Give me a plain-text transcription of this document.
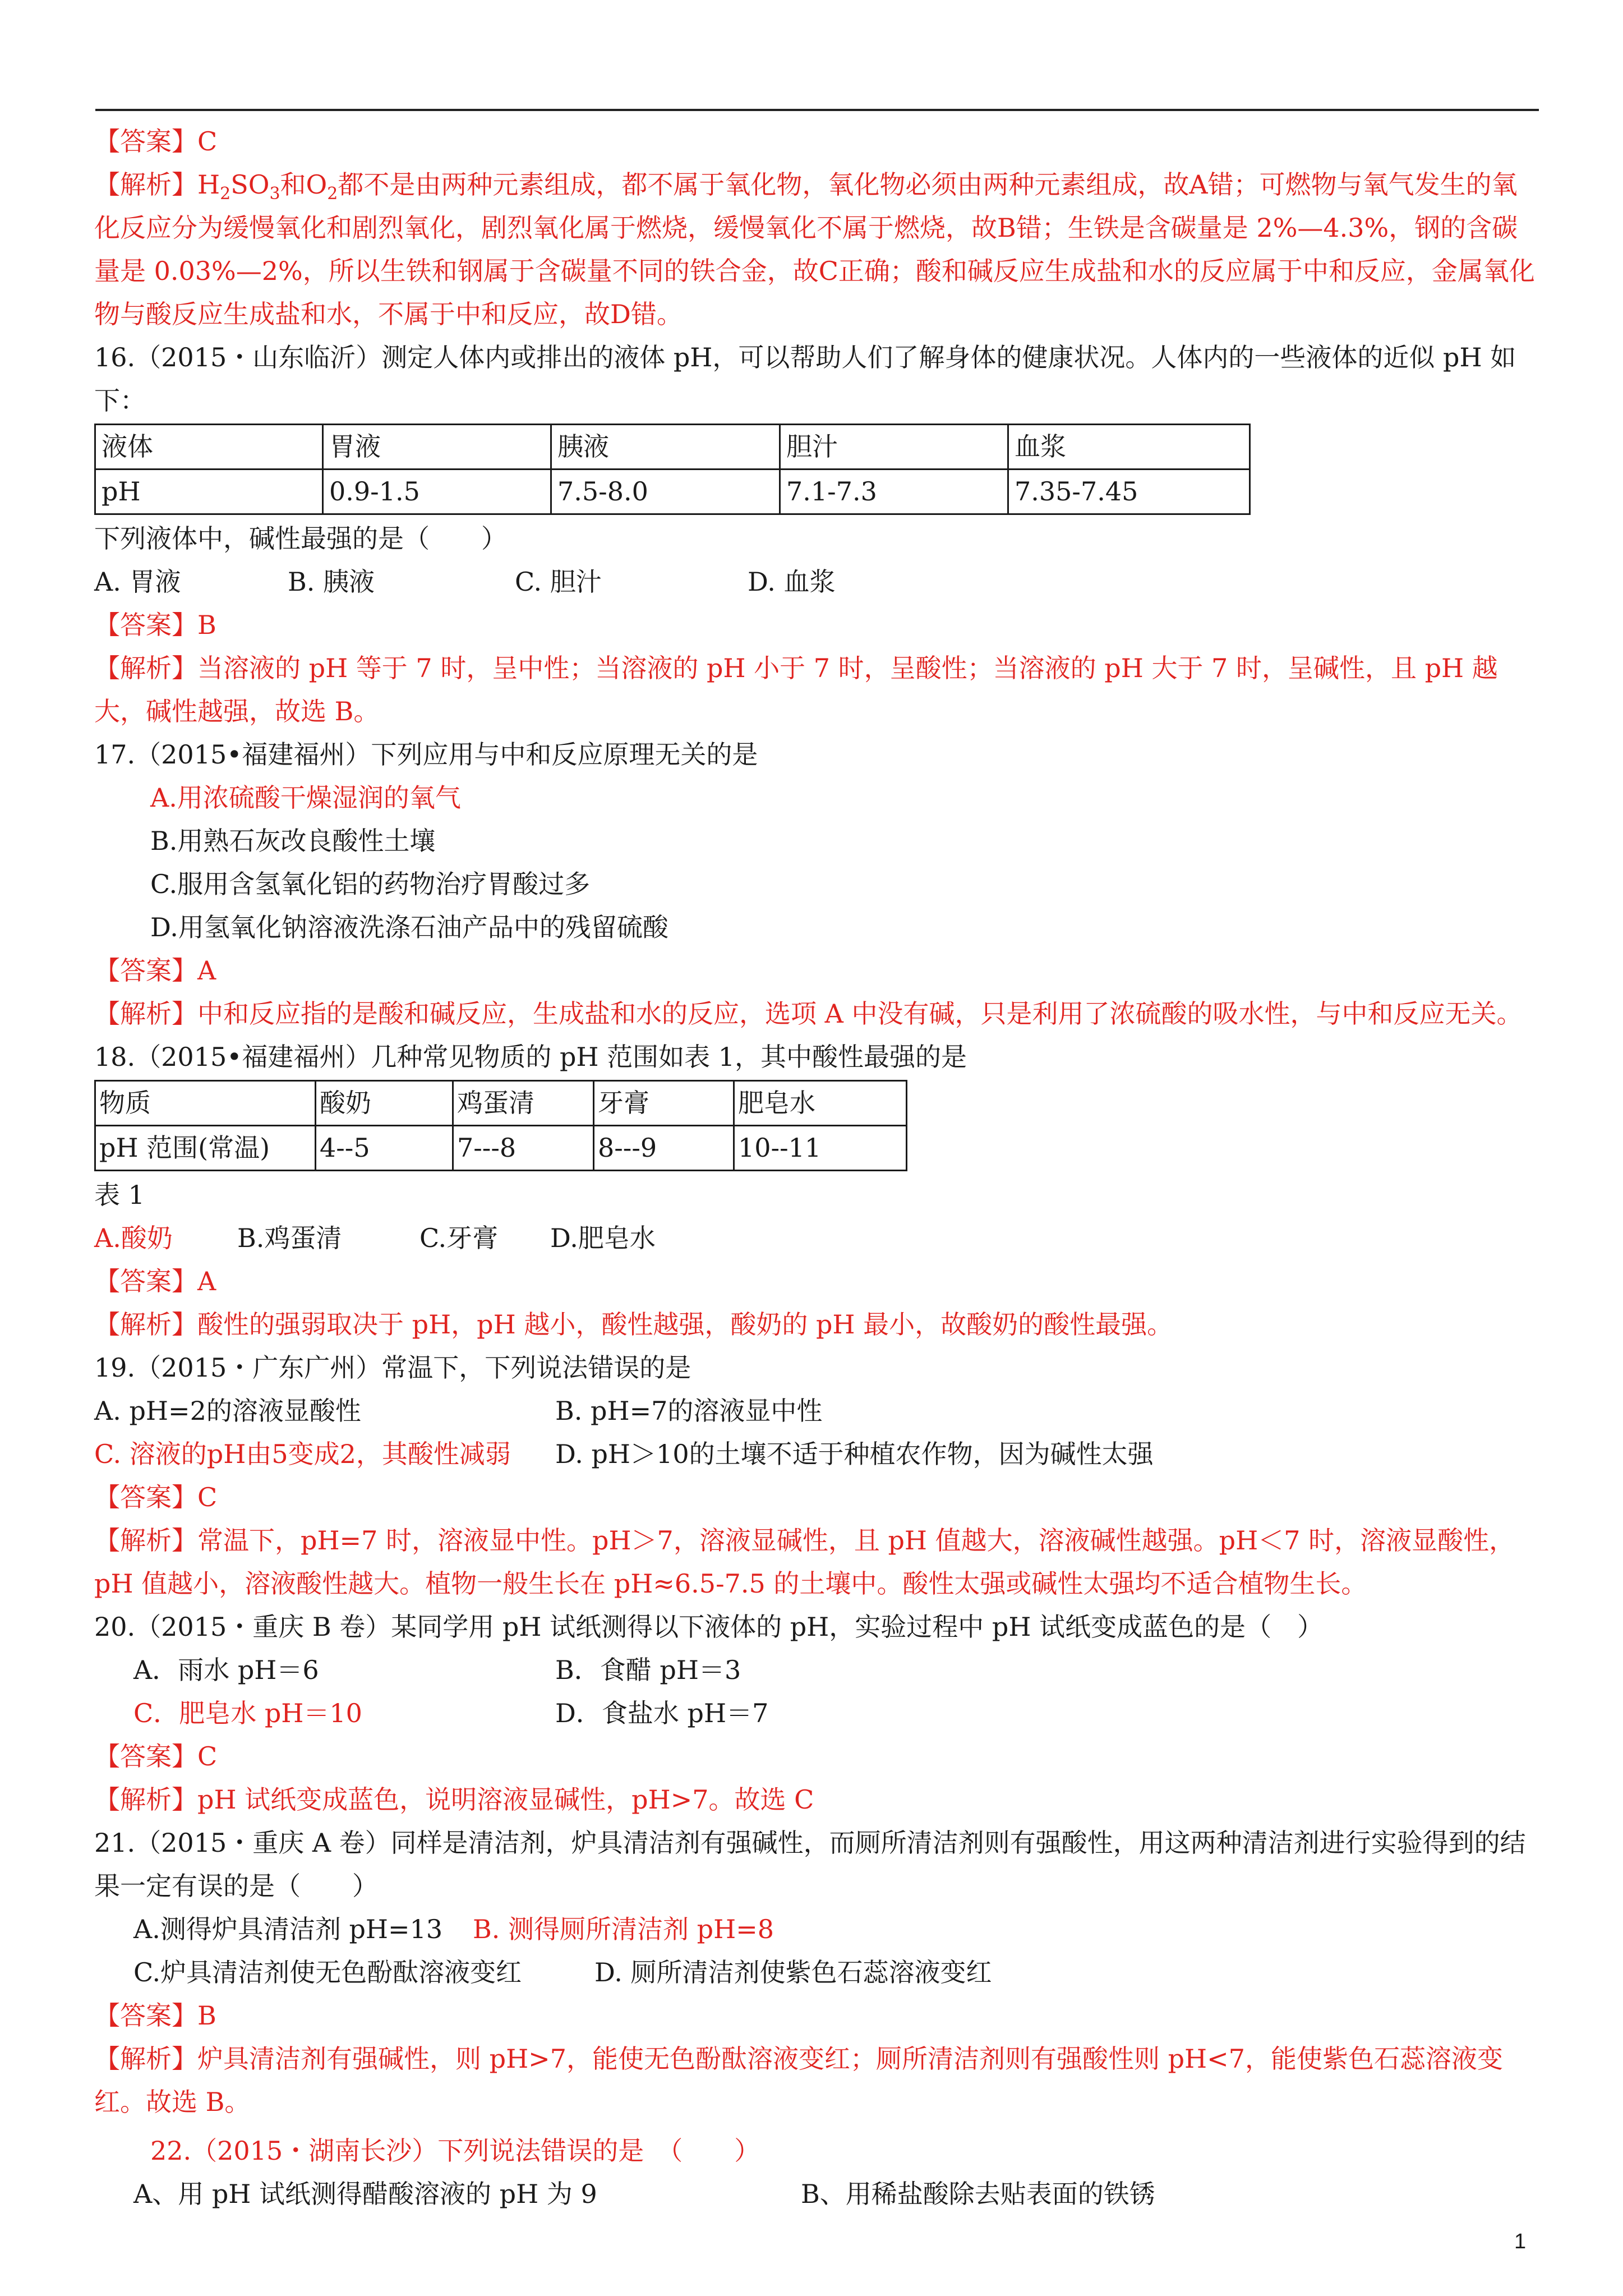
【答案】C
【解析】$H_2SO_3$和$O_2$都不是由两种元素组成，都不属于氧化物，氧化物必须由两种元素组成，故A错；可燃物与氧气发生的氧化反应分为缓慢氧化和剧烈氧化，剧烈氧化属于燃烧，缓慢氧化不属于燃烧，故B错；生铁是含碳量是 2%—4.3%，钢的含碳量是 0.03%—2%，所以生铁和钢属于含碳量不同的铁合金，故C正确；酸和碱反应生成盐和水的反应属于中和反应，金属氧化物与酸反应生成盐和水，不属于中和反应，故D错。
16.（2015・山东临沂）测定人体内或排出的液体 pH，可以帮助人们了解身体的健康状况。人体内的一些液体的近似 pH 如下：
液体	胃液	胰液	胆汁	血浆
pH	0.9-1.5	7.5-8.0	7.1-7.3	7.35-7.45
下列液体中，碱性最强的是（　　）
A. 胃液	B. 胰液	C. 胆汁	D. 血浆
【答案】B
【解析】当溶液的 pH 等于 7 时，呈中性；当溶液的 pH 小于 7 时，呈酸性；当溶液的 pH 大于 7 时，呈碱性，且 pH 越大，碱性越强，故选 B。
17.（2015•福建福州）下列应用与中和反应原理无关的是
A.用浓硫酸干燥湿润的氧气
B.用熟石灰改良酸性土壤
C.服用含氢氧化铝的药物治疗胃酸过多
D.用氢氧化钠溶液洗涤石油产品中的残留硫酸
【答案】A
【解析】中和反应指的是酸和碱反应，生成盐和水的反应，选项 A 中没有碱，只是利用了浓硫酸的吸水性，与中和反应无关。
18.（2015•福建福州）几种常见物质的 pH 范围如表 1，其中酸性最强的是
物质	酸奶	鸡蛋清	牙膏	肥皂水
pH 范围(常温)	4--5	7---8	8---9	10--11
表 1
A.酸奶	B.鸡蛋清	C.牙膏 D.肥皂水
【答案】A
【解析】酸性的强弱取决于 pH，pH 越小，酸性越强，酸奶的 pH 最小，故酸奶的酸性最强。
19.（2015・广东广州）常温下，下列说法错误的是
A. pH=2的溶液显酸性	B. pH=7的溶液显中性
C. 溶液的pH由5变成2，其酸性减弱 D. pH＞10的土壤不适于种植农作物，因为碱性太强
【答案】C
【解析】常温下，pH=7 时，溶液显中性。pH＞7，溶液显碱性，且 pH 值越大，溶液碱性越强。pH＜7 时，溶液显酸性，pH 值越小，溶液酸性越大。植物一般生长在 pH≈6.5-7.5 的土壤中。酸性太强或碱性太强均不适合植物生长。
20.（2015・重庆 B 卷）某同学用 pH 试纸测得以下液体的 pH，实验过程中 pH 试纸变成蓝色的是（　）
A．雨水 pH＝6	B．食醋 pH＝3
C．肥皂水 pH＝10	D．食盐水 pH＝7
【答案】C
【解析】pH 试纸变成蓝色，说明溶液显碱性，pH>7。故选 C
21.（2015・重庆 A 卷）同样是清洁剂，炉具清洁剂有强碱性，而厕所清洁剂则有强酸性，用这两种清洁剂进行实验得到的结果一定有误的是（　　）
A.测得炉具清洁剂 pH=13 B. 测得厕所清洁剂 pH=8
C.炉具清洁剂使无色酚酞溶液变红	D. 厕所清洁剂使紫色石蕊溶液变红
【答案】B
【解析】炉具清洁剂有强碱性，则 pH>7，能使无色酚酞溶液变红；厕所清洁剂则有强酸性则 pH<7，能使紫色石蕊溶液变红。故选 B。
22.（2015・湖南长沙）下列说法错误的是　（　　）
A、用 pH 试纸测得醋酸溶液的 pH 为 9	B、用稀盐酸除去贴表面的铁锈
1
